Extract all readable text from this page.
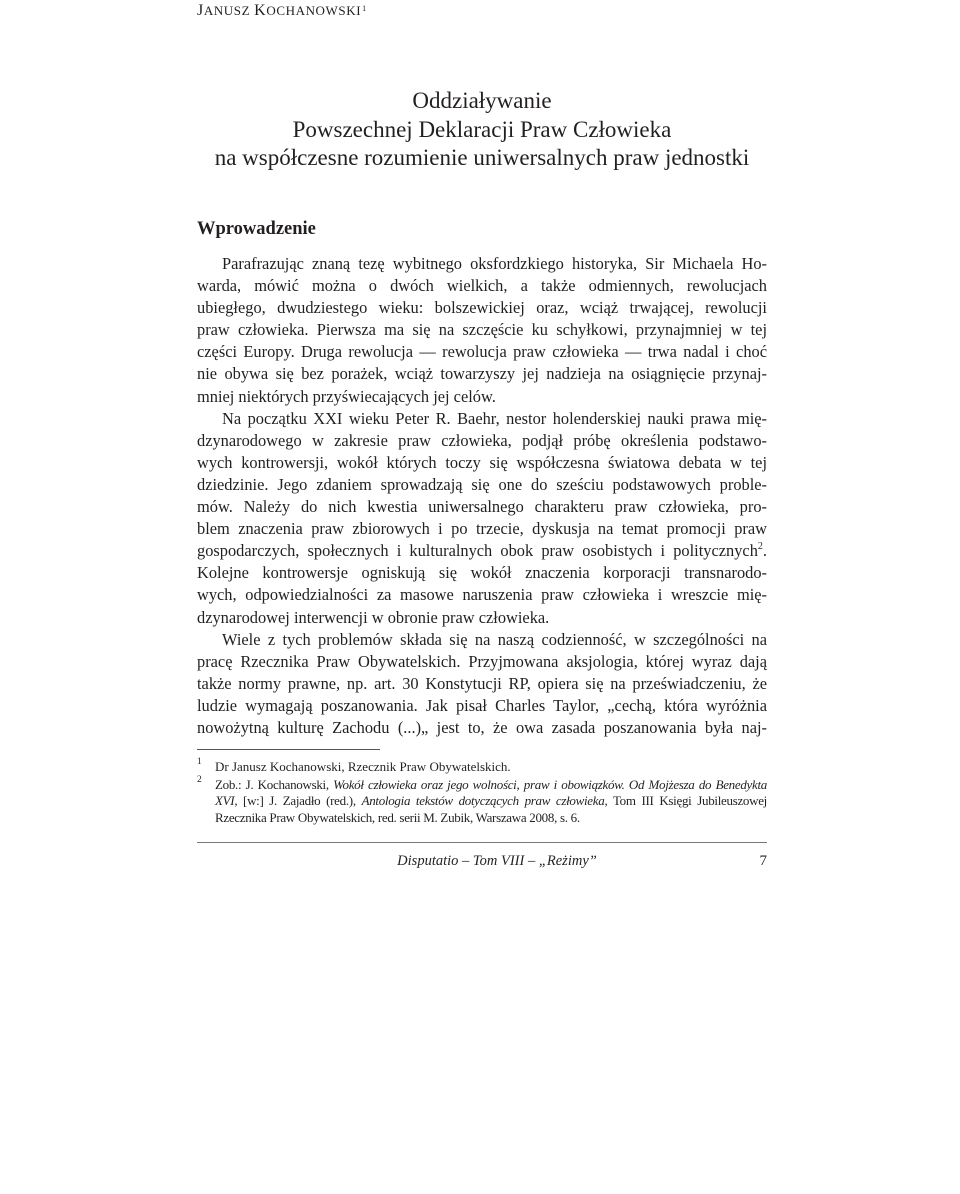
JANUSZ KOCHANOWSKI1
Oddziaływanie
Powszechnej Deklaracji Praw Człowieka
na współczesne rozumienie uniwersalnych praw jednostki
Wprowadzenie
Parafrazując znaną tezę wybitnego oksfordzkiego historyka, Sir Michaela Ho-
warda, mówić można o dwóch wielkich, a także odmiennych, rewolucjach
ubiegłego, dwudziestego wieku: bolszewickiej oraz, wciąż trwającej, rewolucji
praw człowieka. Pierwsza ma się na szczęście ku schyłkowi, przynajmniej w tej
części Europy. Druga rewolucja — rewolucja praw człowieka — trwa nadal i choć
nie obywa się bez porażek, wciąż towarzyszy jej nadzieja na osiągnięcie przynaj-
mniej niektórych przyświecających jej celów.
Na początku XXI wieku Peter R. Baehr, nestor holenderskiej nauki prawa mię-
dzynarodowego w zakresie praw człowieka, podjął próbę określenia podstawo-
wych kontrowersji, wokół których toczy się współczesna światowa debata w tej
dziedzinie. Jego zdaniem sprowadzają się one do sześciu podstawowych proble-
mów. Należy do nich kwestia uniwersalnego charakteru praw człowieka, pro-
blem znaczenia praw zbiorowych i po trzecie, dyskusja na temat promocji praw
gospodarczych, społecznych i kulturalnych obok praw osobistych i politycznych$^2$.
Kolejne kontrowersje ogniskują się wokół znaczenia korporacji transnarodo-
wych, odpowiedzialności za masowe naruszenia praw człowieka i wreszcie mię-
dzynarodowej interwencji w obronie praw człowieka.
Wiele z tych problemów składa się na naszą codzienność, w szczególności na
pracę Rzecznika Praw Obywatelskich. Przyjmowana aksjologia, której wyraz dają
także normy prawne, np. art. 30 Konstytucji RP, opiera się na przeświadczeniu, że
ludzie wymagają poszanowania. Jak pisał Charles Taylor, „cechą, która wyróżnia
nowożytną kulturę Zachodu (...)„ jest to, że owa zasada poszanowania była naj-
1 Dr Janusz Kochanowski, Rzecznik Praw Obywatelskich.
2 Zob.: J. Kochanowski, Wokół człowieka oraz jego wolności, praw i obowiązków. Od Mojżesza do Benedykta
XVI, [w:] J. Zajadło (red.), Antologia tekstów dotyczących praw człowieka, Tom III Księgi Jubileuszowej
Rzecznika Praw Obywatelskich, red. serii M. Zubik, Warszawa 2008, s. 6.
Disputatio – Tom VIII – „Reżimy”	7
